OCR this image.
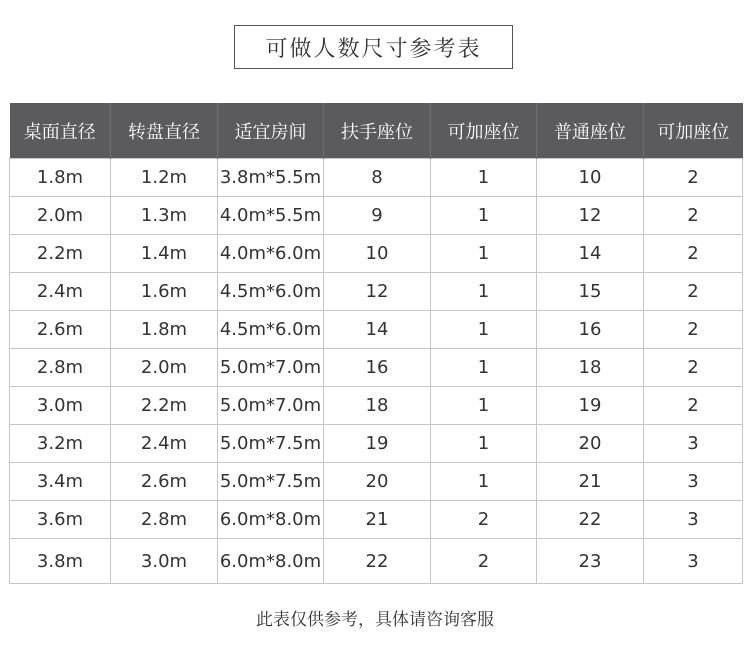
可做人数尺寸参考表
桌面直径	转盘直径	适宜房间	扶手座位	可加座位	普通座位	可加座位
1.8m	1.2m	3.8m*5.5m	8	1	10	2
2.0m	1.3m	4.0m*5.5m	9	1	12	2
2.2m	1.4m	4.0m*6.0m	10	1	14	2
2.4m	1.6m	4.5m*6.0m	12	1	15	2
2.6m	1.8m	4.5m*6.0m	14	1	16	2
2.8m	2.0m	5.0m*7.0m	16	1	18	2
3.0m	2.2m	5.0m*7.0m	18	1	19	2
3.2m	2.4m	5.0m*7.5m	19	1	20	3
3.4m	2.6m	5.0m*7.5m	20	1	21	3
3.6m	2.8m	6.0m*8.0m	21	2	22	3
3.8m	3.0m	6.0m*8.0m	22	2	23	3
此表仅供参考，具体请咨询客服
